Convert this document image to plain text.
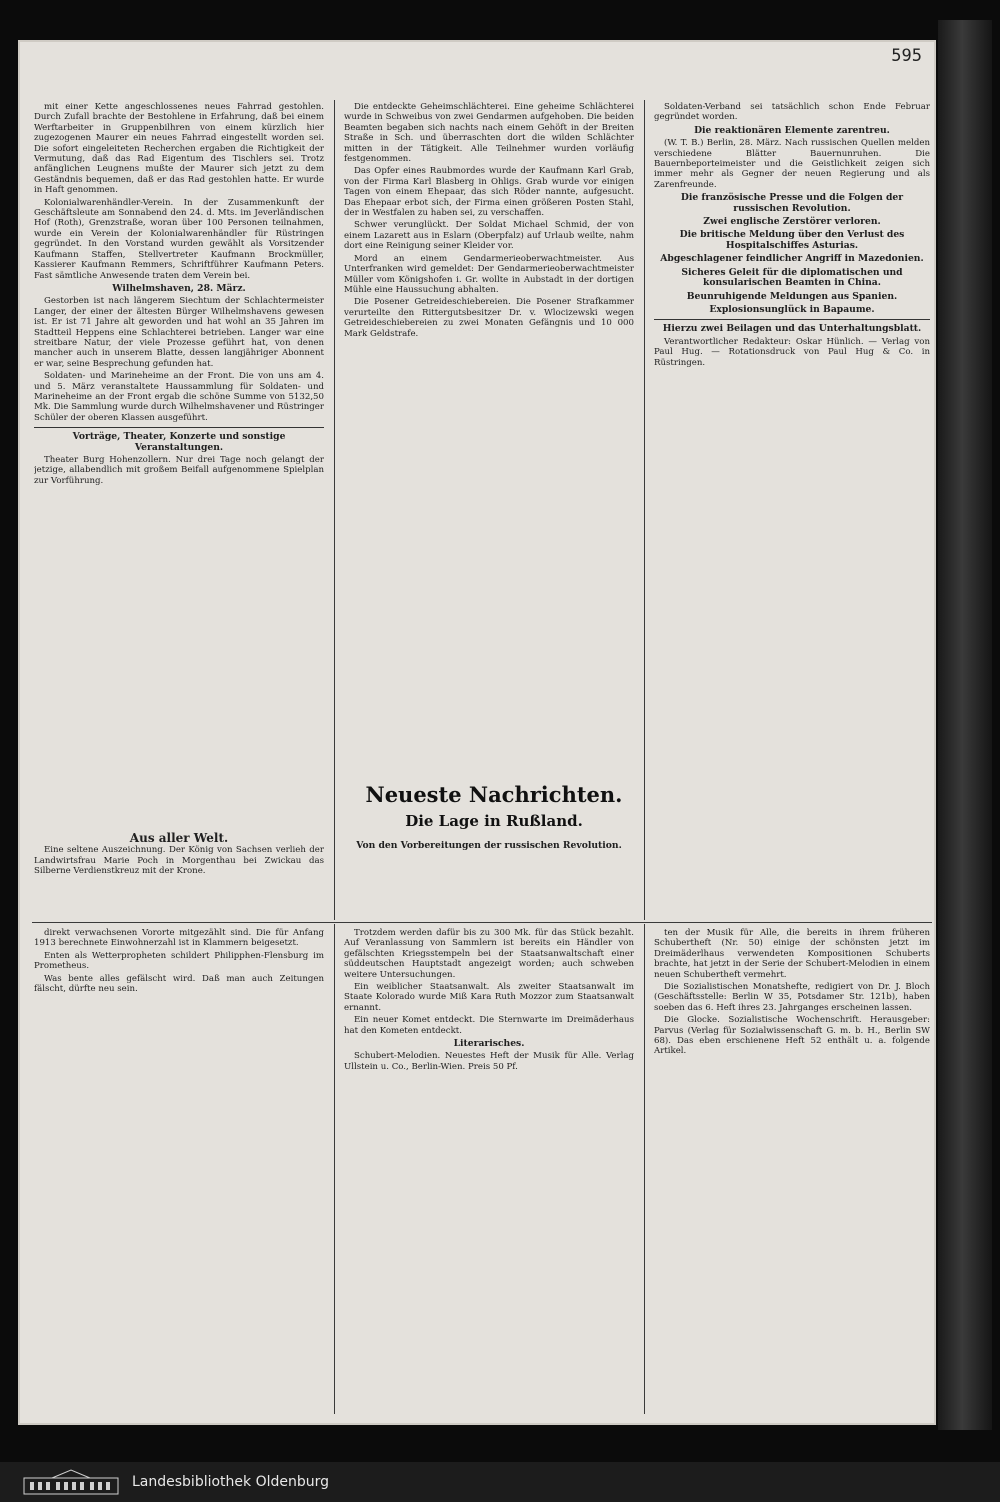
595

mit einer Kette angeschlossenes neues Fahrrad gestohlen. Durch Zufall brachte der Bestohlene in Erfahrung, daß bei einem Werftarbeiter in Gruppenbilhren von einem kürzlich hier zugezogenen Maurer ein neues Fahrrad eingestellt worden sei. Die sofort eingeleiteten Recherchen ergaben die Richtigkeit der Vermutung, daß das Rad Eigentum des Tischlers sei. Trotz anfänglichen Leugnens mußte der Maurer sich jetzt zu dem Geständnis bequemen, daß er das Rad gestohlen hatte. Er wurde in Haft genommen.

Kolonialwarenhändler-Verein. In der Zusammenkunft der Geschäftsleute am Sonnabend den 24. d. Mts. im Jeverländischen Hof (Roth), Grenzstraße, woran über 100 Personen teilnahmen, wurde ein Verein der Kolonialwarenhändler für Rüstringen gegründet. In den Vorstand wurden gewählt als Vorsitzender Kaufmann Staffen, Stellvertreter Kaufmann Brockmüller, Kassierer Kaufmann Remmers, Schriftführer Kaufmann Peters. Fast sämtliche Anwesende traten dem Verein bei.

Wilhelmshaven, 28. März.

Gestorben ist nach längerem Siechtum der Schlachtermeister Langer, der einer der ältesten Bürger Wilhelmshavens gewesen ist. Er ist 71 Jahre alt geworden und hat wohl an 35 Jahren im Stadtteil Heppens eine Schlachterei betrieben. Langer war eine streitbare Natur, der viele Prozesse geführt hat, von denen mancher auch in unserem Blatte, dessen langjähriger Abonnent er war, seine Besprechung gefunden hat.

Soldaten- und Marineheime an der Front. Die von uns am 4. und 5. März veranstaltete Haussammlung für Soldaten- und Marineheime an der Front ergab die schöne Summe von 5132,50 Mk. Die Sammlung wurde durch Wilhelmshavener und Rüstringer Schüler der oberen Klassen ausgeführt.

Vorträge, Theater, Konzerte und sonstige Veranstaltungen.

Theater Burg Hohenzollern. Nur drei Tage noch gelangt der jetzige, allabendlich mit großem Beifall aufgenommene Spielplan zur Vorführung.

Die entdeckte Geheimschlächterei. Eine geheime Schlächterei wurde in Schweibus von zwei Gendarmen aufgehoben. Die beiden Beamten begaben sich nachts nach einem Gehöft in der Breiten Straße in Sch. und überraschten dort die wilden Schlächter mitten in der Tätigkeit. Alle Teilnehmer wurden vorläufig festgenommen.

Das Opfer eines Raubmordes wurde der Kaufmann Karl Grab, von der Firma Karl Blasberg in Ohligs. Grab wurde vor einigen Tagen von einem Ehepaar, das sich Röder nannte, aufgesucht. Das Ehepaar erbot sich, der Firma einen größeren Posten Stahl, der in Westfalen zu haben sei, zu verschaffen.

Schwer verunglückt. Der Soldat Michael Schmid, der von einem Lazarett aus in Eslarn (Oberpfalz) auf Urlaub weilte, nahm dort eine Reinigung seiner Kleider vor.

Mord an einem Gendarmerieoberwachtmeister. Aus Unterfranken wird gemeldet: Der Gendarmerieoberwachtmeister Müller vom Königshofen i. Gr. wollte in Aubstadt in der dortigen Mühle eine Haussuchung abhalten.

Die Posener Getreideschiebereien. Die Posener Strafkammer verurteilte den Rittergutsbesitzer Dr. v. Wlocizewski wegen Getreideschiebereien zu zwei Monaten Gefängnis und 10 000 Mark Geldstrafe.

Neueste Nachrichten.
Die Lage in Rußland.
Von den Vorbereitungen der russischen Revolution.

Soldaten-Verband sei tatsächlich schon Ende Februar gegründet worden.

Die reaktionären Elemente zarentreu.

(W. T. B.) Berlin, 28. März. Nach russischen Quellen melden verschiedene Blätter Bauernunruhen. Die Bauernbeporteimeister und die Geistlichkeit zeigen sich immer mehr als Gegner der neuen Regierung und als Zarenfreunde.

Die französische Presse und die Folgen der russischen Revolution.
Zwei englische Zerstörer verloren.
Die britische Meldung über den Verlust des Hospitalschiffes Asturias.
Abgeschlagener feindlicher Angriff in Mazedonien.
Sicheres Geleit für die diplomatischen und konsularischen Beamten in China.
Beunruhigende Meldungen aus Spanien.
Explosionsunglück in Bapaume.
Hierzu zwei Beilagen und das Unterhaltungsblatt.

Verantwortlicher Redakteur: Oskar Hünlich. — Verlag von Paul Hug. — Rotationsdruck von Paul Hug & Co. in Rüstringen.

Aus aller Welt.

Eine seltene Auszeichnung. Der König von Sachsen verlieh der Landwirtsfrau Marie Poch in Morgenthau bei Zwickau das Silberne Verdienstkreuz mit der Krone.

direkt verwachsenen Vororte mitgezählt sind. Die für Anfang 1913 berechnete Einwohnerzahl ist in Klammern beigesetzt.

Enten als Wetterpropheten schildert Philipphen-Flensburg im Prometheus.

Was bente alles gefälscht wird. Daß man auch Zeitungen fälscht, dürfte neu sein.

Trotzdem werden dafür bis zu 300 Mk. für das Stück bezahlt. Auf Veranlassung von Sammlern ist bereits ein Händler von gefälschten Kriegsstempeln bei der Staatsanwaltschaft einer süddeutschen Hauptstadt angezeigt worden; auch schweben weitere Untersuchungen.

Ein weiblicher Staatsanwalt. Als zweiter Staatsanwalt im Staate Kolorado wurde Miß Kara Ruth Mozzor zum Staatsanwalt ernannt.

Ein neuer Komet entdeckt. Die Sternwarte im Dreimäderhaus hat den Kometen entdeckt.

Literarisches.

Schubert-Melodien. Neuestes Heft der Musik für Alle. Verlag Ullstein u. Co., Berlin-Wien. Preis 50 Pf.

ten der Musik für Alle, die bereits in ihrem früheren Schubertheft (Nr. 50) einige der schönsten jetzt im Dreimäderlhaus verwendeten Kompositionen Schuberts brachte, hat jetzt in der Serie der Schubert-Melodien in einem neuen Schubertheft vermehrt.

Die Sozialistischen Monatshefte, redigiert von Dr. J. Bloch (Geschäftsstelle: Berlin W 35, Potsdamer Str. 121b), haben soeben das 6. Heft ihres 23. Jahrganges erscheinen lassen.

Die Glocke. Sozialistische Wochenschrift. Herausgeber: Parvus (Verlag für Sozialwissenschaft G. m. b. H., Berlin SW 68). Das eben erschienene Heft 52 enthält u. a. folgende Artikel.

Landesbibliothek Oldenburg
